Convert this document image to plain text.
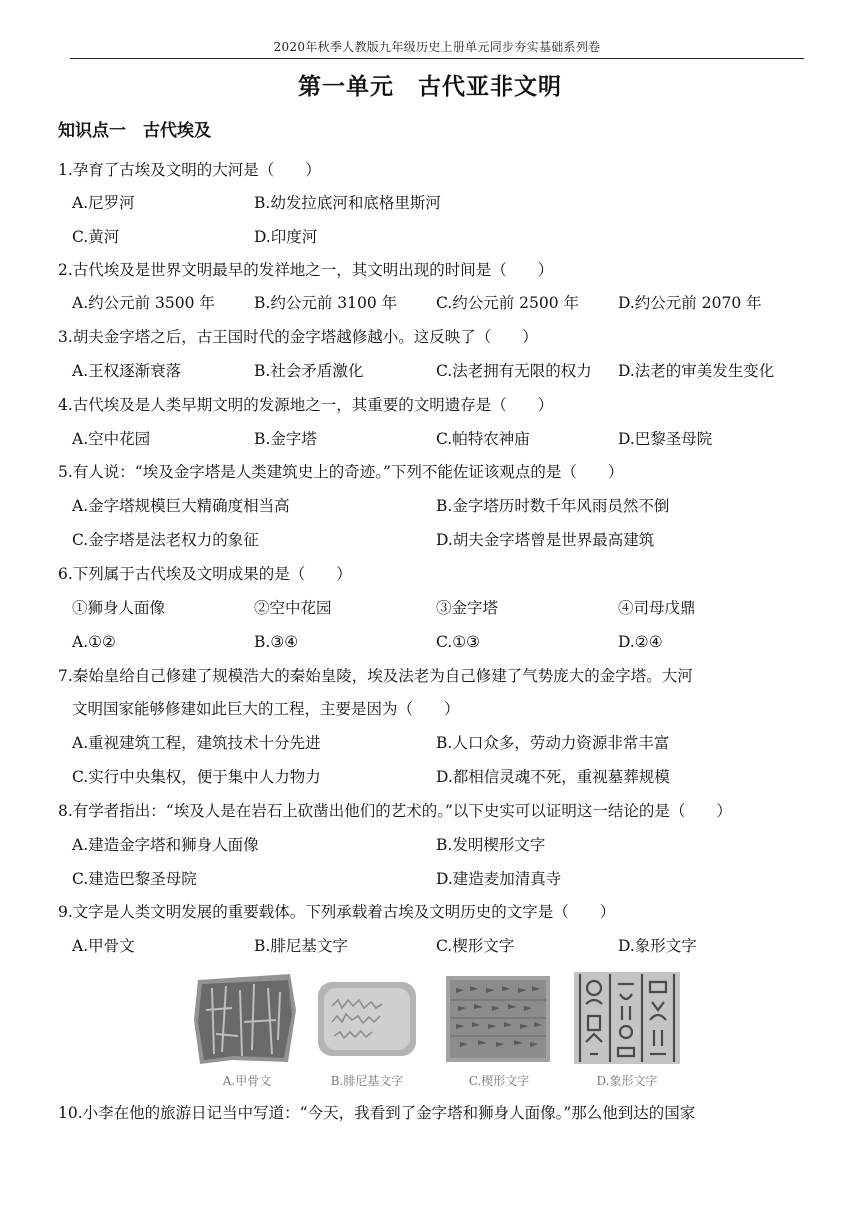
2020年秋季人教版九年级历史上册单元同步夯实基础系列卷
第一单元　古代亚非文明
知识点一　古代埃及
1.孕育了古埃及文明的大河是（　　）
A.尼罗河	B.幼发拉底河和底格里斯河
C.黄河	D.印度河
2.古代埃及是世界文明最早的发祥地之一，其文明出现的时间是（　　）
A.约公元前 3500 年	B.约公元前 3100 年	C.约公元前 2500 年	D.约公元前 2070 年
3.胡夫金字塔之后，古王国时代的金字塔越修越小。这反映了（　　）
A.王权逐渐衰落	B.社会矛盾激化	C.法老拥有无限的权力 D.法老的审美发生变化
4.古代埃及是人类早期文明的发源地之一，其重要的文明遗存是（　　）
A.空中花园	B.金字塔	C.帕特农神庙	D.巴黎圣母院
5.有人说：“埃及金字塔是人类建筑史上的奇迹。”下列不能佐证该观点的是（　　）
A.金字塔规模巨大精确度相当高	B.金字塔历时数千年风雨员然不倒
C.金字塔是法老权力的象征	D.胡夫金字塔曾是世界最高建筑
6.下列属于古代埃及文明成果的是（　　）
①狮身人面像	②空中花园	③金字塔	④司母戊鼎
A.①②	B.③④	C.①③	D.②④
7.秦始皇给自己修建了规模浩大的秦始皇陵，埃及法老为自己修建了气势庞大的金字塔。大河
文明国家能够修建如此巨大的工程，主要是因为（　　）
A.重视建筑工程，建筑技术十分先进	B.人口众多，劳动力资源非常丰富
C.实行中央集权，便于集中人力物力	D.都相信灵魂不死，重视墓葬规模
8.有学者指出：“埃及人是在岩石上砍凿出他们的艺术的。”以下史实可以证明这一结论的是（　　）
A.建造金字塔和狮身人面像	B.发明楔形文字
C.建造巴黎圣母院	D.建造麦加清真寺
9.文字是人类文明发展的重要载体。下列承载着古埃及文明历史的文字是（　　）
A.甲骨文	B.腓尼基文字	C.楔形文字	D.象形文字
A.甲骨文	B.腓尼基文字	C.楔形文字	D.象形文字
10.小李在他的旅游日记当中写道：“今天，我看到了金字塔和狮身人面像。”那么他到达的国家
